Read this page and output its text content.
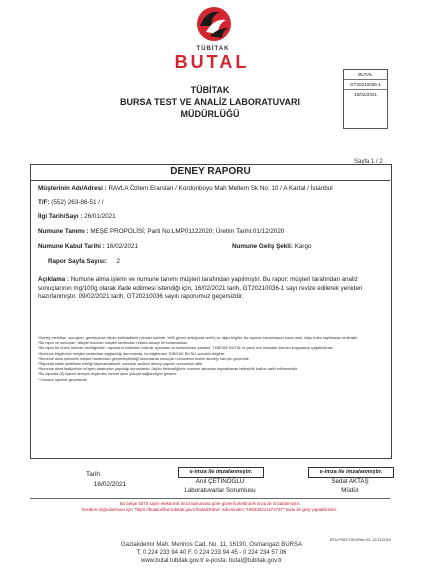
TÜBİTAK
BUTAL
TÜBİTAK
BURSA TEST VE ANALİZ LABORATUVARI
MÜDÜRLÜĞÜ
BUTAL
GT20210036-1
16/02/2021
Sayfa 1 / 2
DENEY RAPORU
Müşterinin Adı/Adresi : RAVLA Özlem Erarslan / Kordonboyu Mah Meltem Sk No: 10 / A Kartal / İstanbul
T/F: (552) 263-86-51 / /
İlgi Tarih/Sayı : 26/01/2021
Numune Tanımı : MEŞE PROPOLİSİ; Parti No:LMP01122020; Üretim Tarihi:01/12/2020
Numune Kabul Tarihi : 16/02/2021	Numune Geliş Şekli: Kargo
Rapor Sayfa Sayısı: 2
Açıklama : Numune alma işlemi ve numune tanımı müşteri tarafından yapılmıştır. Bu rapor; müşteri tarafından analiz sonuçlarının mg/100g olarak ifade edilmesi istendiği için, 16/02/2021 tarih, GT20210036-1 sayı revize edilerek yeniden hazırlanmıştır. 09/02/2021 tarih, GT20210036 sayılı raporumuz geçersizdir.
*Deney metotları, sonuçları, gerekiyorsa ölçüm belirsizlikleri (olması halinde, %95 güven aralığında verilir) ve diğer bilgiler, bu raporun tamamlayıcı kısmı olan, takip eden sayfalarda verilmiştir.
*Bu rapor ve sonuçları, talepte bulunan müşteri tarafından reklam amaçlı ile kullanılamaz.
*Bu rapor bir bütün halinde verildiğinden, raporların bölümleri halinde ayrılması ve kullanılması yasaktır. TÜBİTAK BUTAL'ın yazılı izni olmadan kısmen kopyalanıp çoğaltılamaz.
*Numune bilgilerinin müşteri tarafından sağlandığı durumlarda, bu bilgilerden TÜBİTAK BUTAL sorumlu değildir.
*Numune alma işleminin müşteri tarafından gerçekleştirildiği durumlarda sonuçlar numunenin teslim alındığı hali için geçerlidir.
*Raporda kalite sertifikası niteliği taşımamaktadır; sonuçlar sadece deneyi yapılan numuneye aittir.
*Numune alma faaliyetinin müşteri tarafından yapıldığı durumlarda, ölçüm belirsizliğinde numune almadan kaynaklanan belirsizlik katkısı dahil edilmemiştir.
*Bu raporda (S) işareti deneyin dışarıdan hizmet alımı yoluyla sağlandığını gösterir
* İmzasız raporlar geçersizdir
Tarih
16/02/2021
e-imza ile imzalanmıştır.
Anıl ÇETİNOĞLU
Laboratuvarlar Sorumlusu
e-imza ile imzalanmıştır.
Sedat AKTAŞ
Müdür
Bu belge 5070 sayılı elektronik imza kanunana göre güvenli elektronik imza ile imzalanmıştır.
Evrakın doğrulanması için "https://butalonline.tubitak.gov.tr/butalOnline" adresinden "HW334211474727" kodu ile giriş yapabilirsiniz.
BTA-P003-F001/Rev.03; 12/11/2019
Gaziakdemir Mah. Merinos Cad. No. 11, 16190, Osmangazi BURSA
T. 0 224 233 94 40 F. 0 224 233 94 45 - 0 224 234 57 06
www.butal.tubitak.gov.tr e-posta: butal@tubitak.gov.tr
